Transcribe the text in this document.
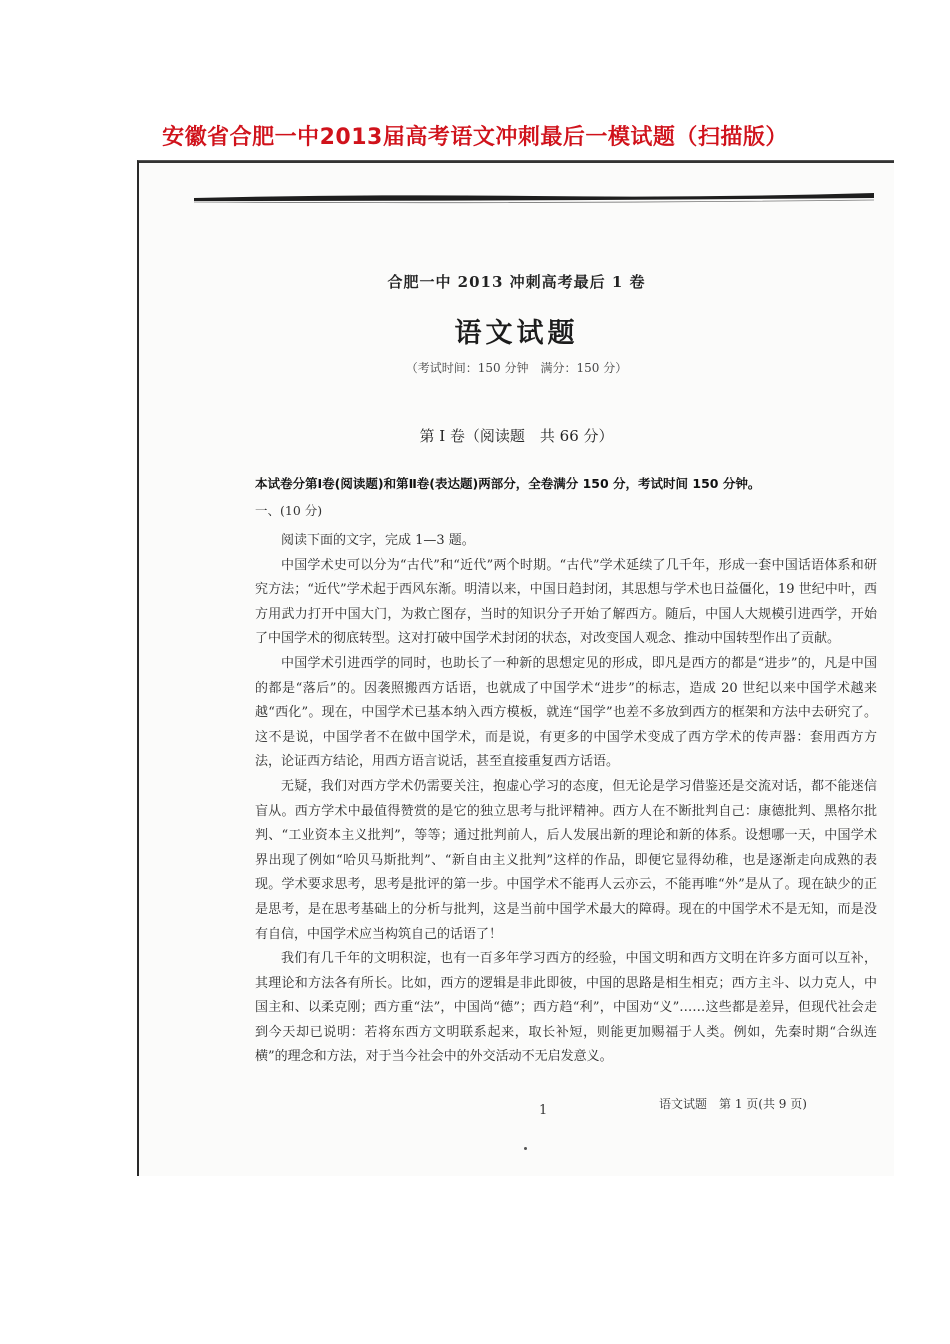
安徽省合肥一中2013届高考语文冲刺最后一模试题（扫描版）
合肥一中 2013 冲刺高考最后 1 卷
语文试题
（考试时间：150 分钟　满分：150 分）
第 Ⅰ 卷（阅读题　共 66 分）
本试卷分第Ⅰ卷(阅读题)和第Ⅱ卷(表达题)两部分，全卷满分 150 分，考试时间 150 分钟。
一、(10 分)

阅读下面的文字，完成 1—3 题。

中国学术史可以分为“古代”和“近代”两个时期。“古代”学术延续了几千年，形成一套中国话语体系和研究方法；“近代”学术起于西风东渐。明清以来，中国日趋封闭，其思想与学术也日益僵化，19 世纪中叶，西方用武力打开中国大门，为救亡图存，当时的知识分子开始了解西方。随后，中国人大规模引进西学，开始了中国学术的彻底转型。这对打破中国学术封闭的状态，对改变国人观念、推动中国转型作出了贡献。

中国学术引进西学的同时，也助长了一种新的思想定见的形成，即凡是西方的都是“进步”的，凡是中国的都是“落后”的。因袭照搬西方话语，也就成了中国学术“进步”的标志，造成 20 世纪以来中国学术越来越“西化”。现在，中国学术已基本纳入西方模板，就连“国学”也差不多放到西方的框架和方法中去研究了。这不是说，中国学者不在做中国学术，而是说，有更多的中国学术变成了西方学术的传声器：套用西方方法，论证西方结论，用西方语言说话，甚至直接重复西方话语。

无疑，我们对西方学术仍需要关注，抱虚心学习的态度，但无论是学习借鉴还是交流对话，都不能迷信盲从。西方学术中最值得赞赏的是它的独立思考与批评精神。西方人在不断批判自己：康德批判、黑格尔批判、“工业资本主义批判”，等等；通过批判前人，后人发展出新的理论和新的体系。设想哪一天，中国学术界出现了例如“哈贝马斯批判”、“新自由主义批判”这样的作品，即便它显得幼稚，也是逐渐走向成熟的表现。学术要求思考，思考是批评的第一步。中国学术不能再人云亦云，不能再唯“外”是从了。现在缺少的正是思考，是在思考基础上的分析与批判，这是当前中国学术最大的障碍。现在的中国学术不是无知，而是没有自信，中国学术应当构筑自己的话语了！

我们有几千年的文明积淀，也有一百多年学习西方的经验，中国文明和西方文明在许多方面可以互补，其理论和方法各有所长。比如，西方的逻辑是非此即彼，中国的思路是相生相克；西方主斗、以力克人，中国主和、以柔克刚；西方重“法”，中国尚“德”；西方趋“利”，中国劝“义”……这些都是差异，但现代社会走到今天却已说明：若将东西方文明联系起来，取长补短，则能更加赐福于人类。例如，先秦时期“合纵连横”的理念和方法，对于当今社会中的外交活动不无启发意义。

1	语文试题　第 1 页(共 9 页)
